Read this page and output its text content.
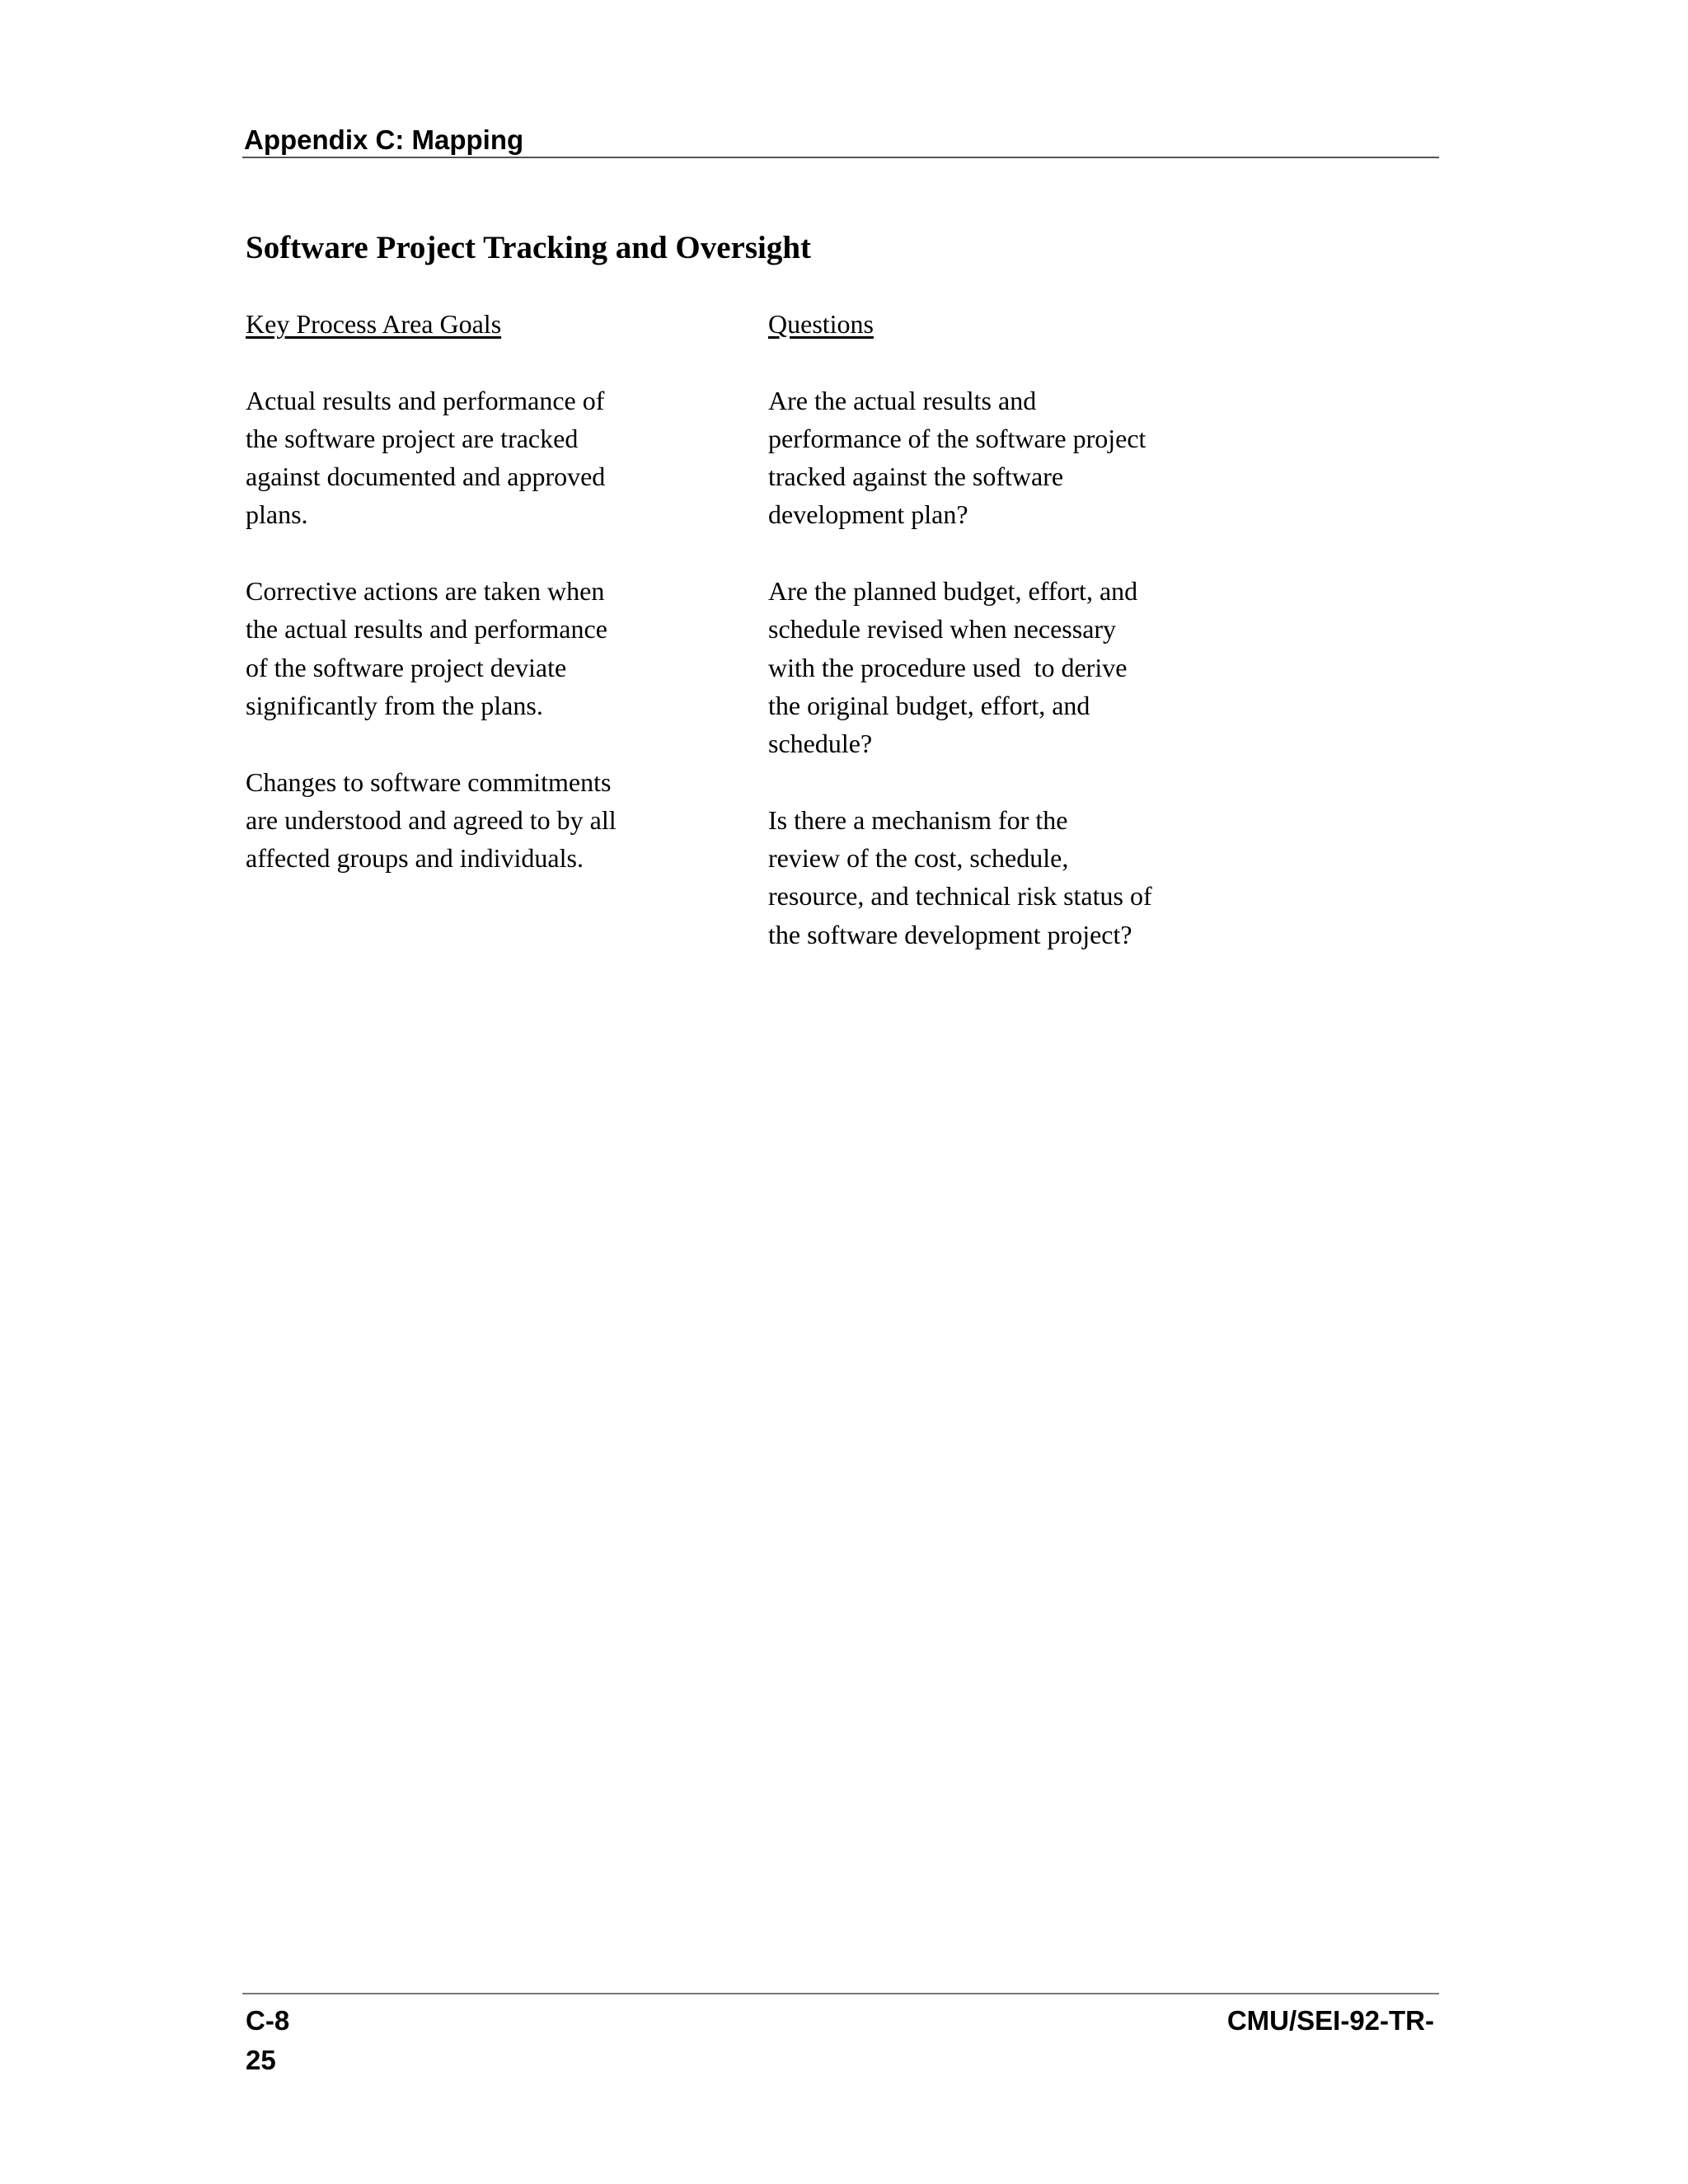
Appendix C: Mapping
Software Project Tracking and Oversight
Key Process Area Goals

Actual results and performance of
the software project are tracked
against documented and approved
plans.

Corrective actions are taken when
the actual results and performance
of the software project deviate
significantly from the plans.

Changes to software commitments
are understood and agreed to by all
affected groups and individuals.

Questions

Are the actual results and
performance of the software project
tracked against the software
development plan?

Are the planned budget, effort, and
schedule revised when necessary
with the procedure used  to derive
the original budget, effort, and
schedule?

Is there a mechanism for the
review of the cost, schedule,
resource, and technical risk status of
the software development project?

C-8
25
CMU/SEI-92-TR-
